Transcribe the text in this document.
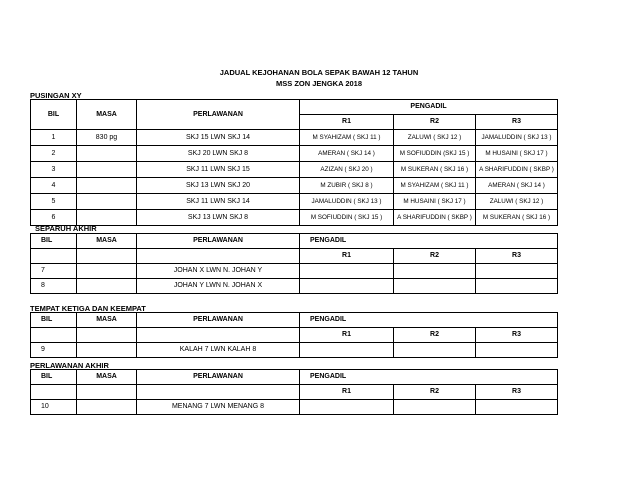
JADUAL KEJOHANAN BOLA SEPAK BAWAH 12 TAHUN
MSS ZON JENGKA 2018
PUSINGAN XY
BIL	MASA	PERLAWANAN	PENGADIL		
			R1	R2	R3
1	830 pg	SKJ 15 LWN SKJ 14	M SYAHIZAM ( SKJ 11 )	ZALUWI ( SKJ 12 )	JAMALUDDIN ( SKJ 13 )
2		SKJ 20 LWN SKJ 8	AMERAN ( SKJ 14 )	M SOFIUDDIN (SKJ 15 )	M HUSAINI ( SKJ 17 )
3		SKJ 11 LWN SKJ 15	AZIZAN ( SKJ 20 )	M SUKERAN ( SKJ 16 )	A SHARIFUDDIN ( SKBP )
4		SKJ 13 LWN SKJ 20	M ZUBIR ( SKJ 8 )	M SYAHIZAM ( SKJ 11 )	AMERAN ( SKJ 14 )
5		SKJ 11 LWN SKJ 14	JAMALUDDIN ( SKJ 13 )	M HUSAINI ( SKJ 17 )	ZALUWI ( SKJ 12 )
6		SKJ 13 LWN SKJ 8	M SOFIUDDIN ( SKJ 15 )	A SHARIFUDDIN ( SKBP )	M SUKERAN ( SKJ 16 )
SEPARUH AKHIR
BIL	MASA	PERLAWANAN	PENGADIL		
			R1	R2	R3
7		JOHAN X LWN N. JOHAN Y			
8		JOHAN Y LWN N. JOHAN X			
TEMPAT KETIGA DAN KEEMPAT
BIL	MASA	PERLAWANAN	PENGADIL		
			R1	R2	R3
9		KALAH 7 LWN KALAH 8			
PERLAWANAN AKHIR
BIL	MASA	PERLAWANAN	PENGADIL		
			R1	R2	R3
10		MENANG 7 LWN MENANG 8			
